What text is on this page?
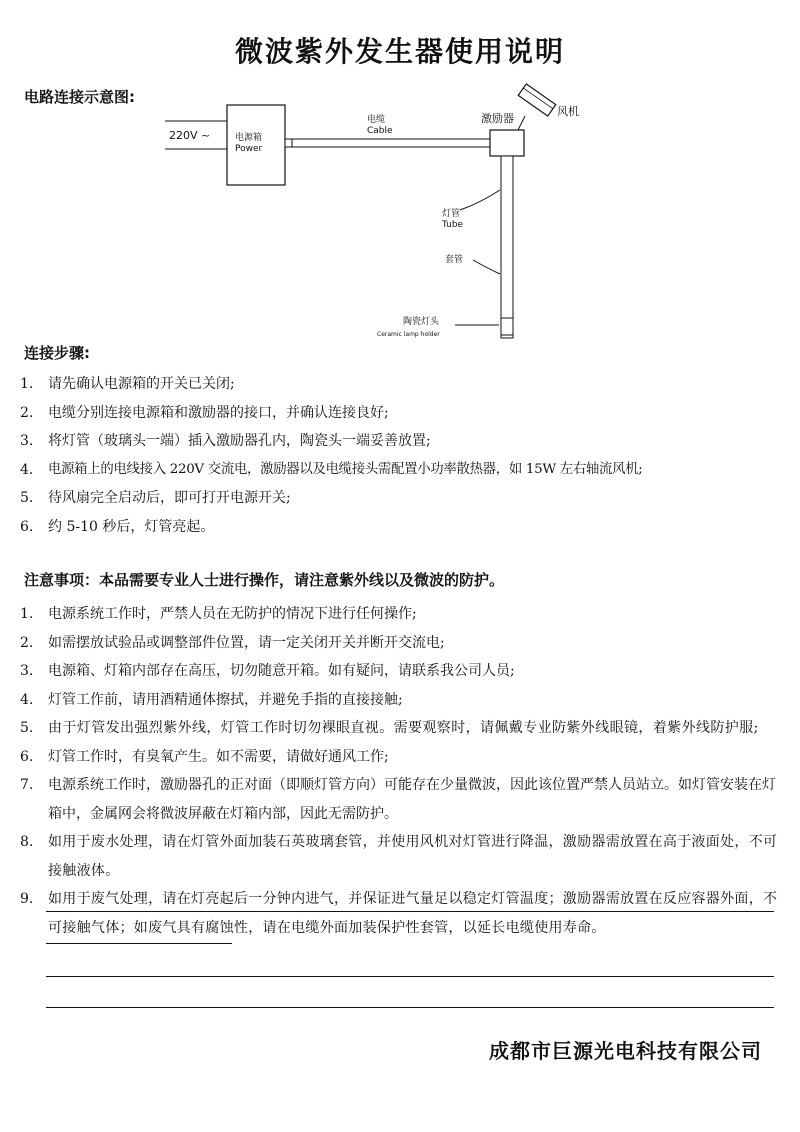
微波紫外发生器使用说明
电路连接示意图:
220V ~	电源箱
Power
电缆
Cable
激励器
风机
灯管
Tube
套管
陶瓷灯头
Ceramic lamp holder
连接步骤:
1.	请先确认电源箱的开关已关闭;
2.	电缆分别连接电源箱和激励器的接口，并确认连接良好;
3.	将灯管（玻璃头一端）插入激励器孔内，陶瓷头一端妥善放置;
4.	电源箱上的电线接入 220V 交流电，激励器以及电缆接头需配置小功率散热器，如 15W 左右轴流风机;
5.	待风扇完全启动后，即可打开电源开关;
6.	约 5-10 秒后，灯管亮起。
注意事项：本品需要专业人士进行操作，请注意紫外线以及微波的防护。
1.	电源系统工作时，严禁人员在无防护的情况下进行任何操作;
2.	如需摆放试验品或调整部件位置，请一定关闭开关并断开交流电;
3.	电源箱、灯箱内部存在高压，切勿随意开箱。如有疑问，请联系我公司人员;
4.	灯管工作前，请用酒精通体擦拭，并避免手指的直接接触;
5.	由于灯管发出强烈紫外线，灯管工作时切勿裸眼直视。需要观察时，请佩戴专业防紫外线眼镜，着紫外线防护服;
6.	灯管工作时，有臭氧产生。如不需要，请做好通风工作;
7.	电源系统工作时，激励器孔的正对面（即顺灯管方向）可能存在少量微波，因此该位置严禁人员站立。如灯管安装在灯箱中，金属网会将微波屏蔽在灯箱内部，因此无需防护。
8.	如用于废水处理，请在灯管外面加装石英玻璃套管，并使用风机对灯管进行降温，激励器需放置在高于液面处，不可接触液体。
9.	如用于废气处理，请在灯亮起后一分钟内进气，并保证进气量足以稳定灯管温度；激励器需放置在反应容器外面，不可接触气体；如废气具有腐蚀性，请在电缆外面加装保护性套管，以延长电缆使用寿命。
成都市巨源光电科技有限公司
